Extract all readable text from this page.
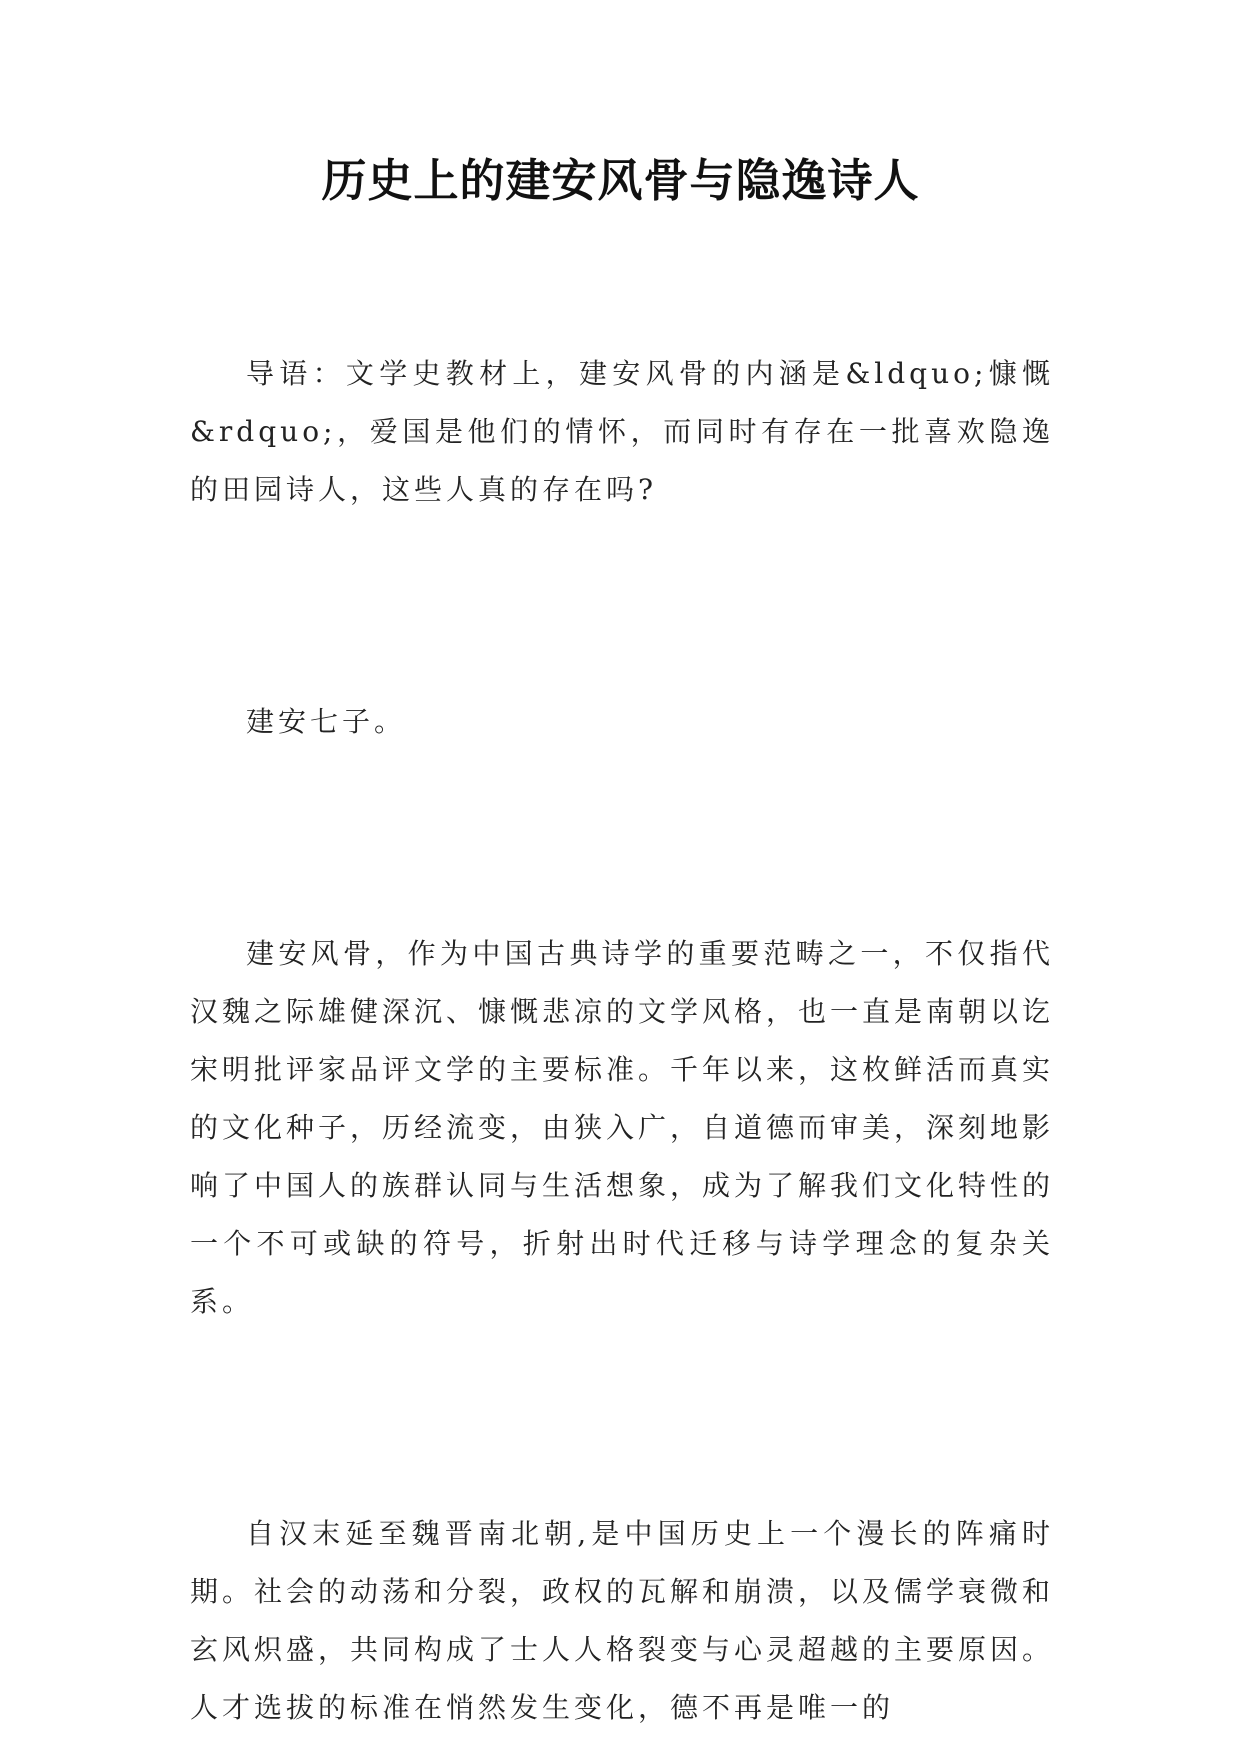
历史上的建安风骨与隐逸诗人

导语：文学史教材上，建安风骨的内涵是&ldquo;慷慨&rdquo;，爱国是他们的情怀，而同时有存在一批喜欢隐逸的田园诗人，这些人真的存在吗?

建安七子。

建安风骨，作为中国古典诗学的重要范畴之一，不仅指代汉魏之际雄健深沉、慷慨悲凉的文学风格，也一直是南朝以讫宋明批评家品评文学的主要标准。千年以来，这枚鲜活而真实的文化种子，历经流变，由狭入广，自道德而审美，深刻地影响了中国人的族群认同与生活想象，成为了解我们文化特性的一个不可或缺的符号，折射出时代迁移与诗学理念的复杂关系。

自汉末延至魏晋南北朝,是中国历史上一个漫长的阵痛时期。社会的动荡和分裂，政权的瓦解和崩溃，以及儒学衰微和玄风炽盛，共同构成了士人人格裂变与心灵超越的主要原因。人才选拔的标准在悄然发生变化，德不再是唯一的
